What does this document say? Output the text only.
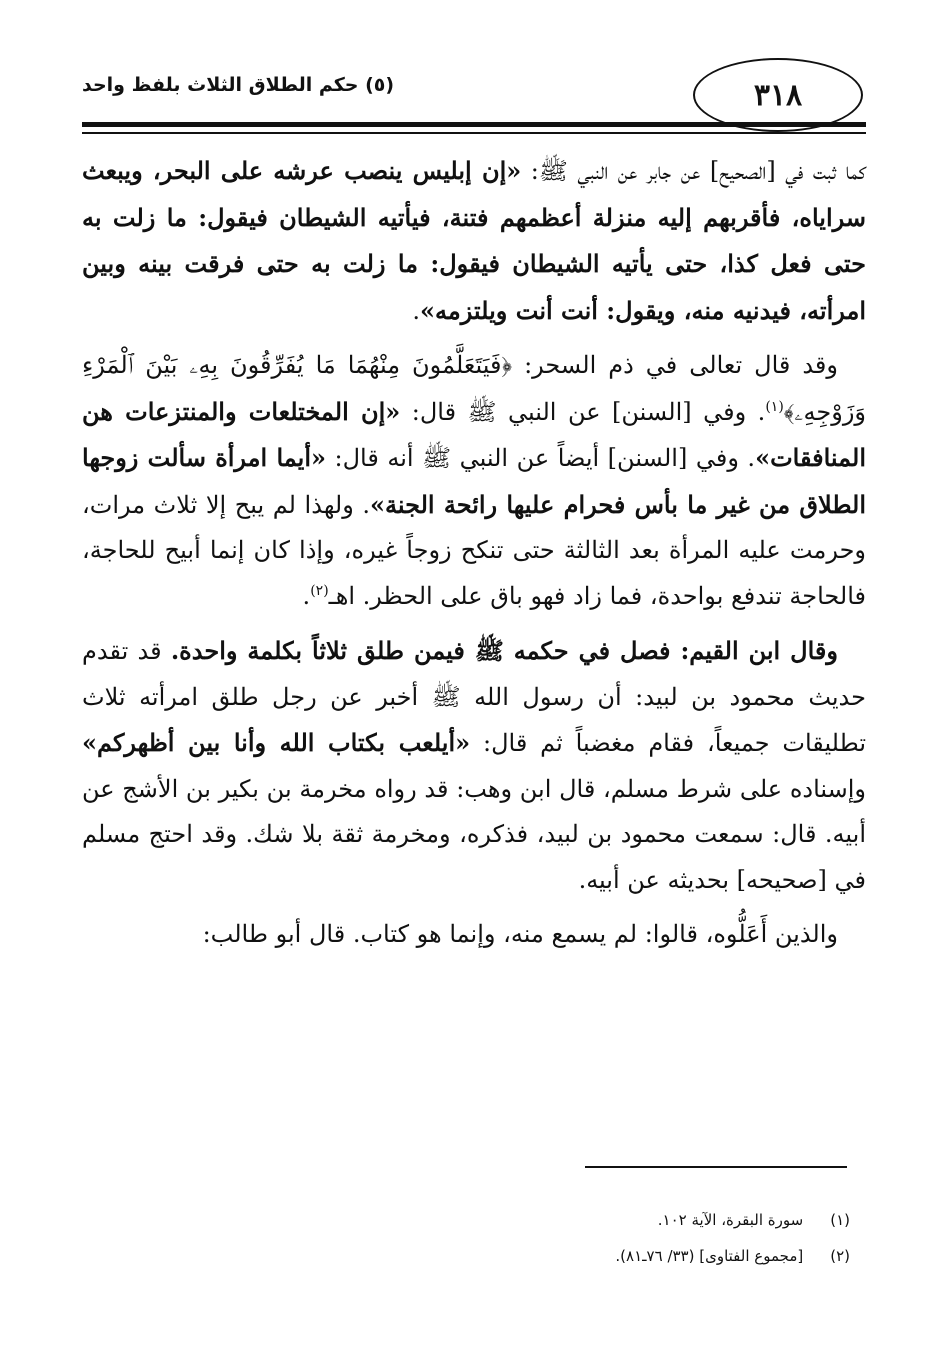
(٥) حكم الطلاق الثلاث بلفظ واحد	٣١٨

كما ثبت في [الصحيح] عن جابر عن النبي ﷺ: «إن إبليس ينصب عرشه على البحر، ويبعث سراياه، فأقربهم إليه منزلة أعظمهم فتنة، فيأتيه الشيطان فيقول: ما زلت به حتى فعل كذا، حتى يأتيه الشيطان فيقول: ما زلت به حتى فرقت بينه وبين امرأته، فيدنيه منه، ويقول: أنت أنت ويلتزمه».

وقد قال تعالى في ذم السحر: ﴿فَيَتَعَلَّمُونَ مِنْهُمَا مَا يُفَرِّقُونَ بِهِۦ بَيْنَ ٱلْمَرْءِ وَزَوْجِهِۦ﴾$^{(١)}$. وفي [السنن] عن النبي ﷺ قال: «إن المختلعات والمنتزعات هن المنافقات». وفي [السنن] أيضاً عن النبي ﷺ أنه قال: «أيما امرأة سألت زوجها الطلاق من غير ما بأس فحرام عليها رائحة الجنة». ولهذا لم يبح إلا ثلاث مرات، وحرمت عليه المرأة بعد الثالثة حتى تنكح زوجاً غيره، وإذا كان إنما أبيح للحاجة، فالحاجة تندفع بواحدة، فما زاد فهو باق على الحظر. اهـ$^{(٢)}$.

وقال ابن القيم: فصل في حكمه ﷺ فيمن طلق ثلاثاً بكلمة واحدة. قد تقدم حديث محمود بن لبيد: أن رسول الله ﷺ أخبر عن رجل طلق امرأته ثلاث تطليقات جميعاً، فقام مغضباً ثم قال: «أيلعب بكتاب الله وأنا بين أظهركم» وإسناده على شرط مسلم، قال ابن وهب: قد رواه مخرمة بن بكير بن الأشج عن أبيه. قال: سمعت محمود بن لبيد، فذكره، ومخرمة ثقة بلا شك. وقد احتج مسلم في [صحيحه] بحديثه عن أبيه.

والذين أَعَلُّوه، قالوا: لم يسمع منه، وإنما هو كتاب. قال أبو طالب:

(١) سورة البقرة، الآية ١٠٢.
(٢) [مجموع الفتاوى] (٣٣/ ٧٦ـ٨١).
